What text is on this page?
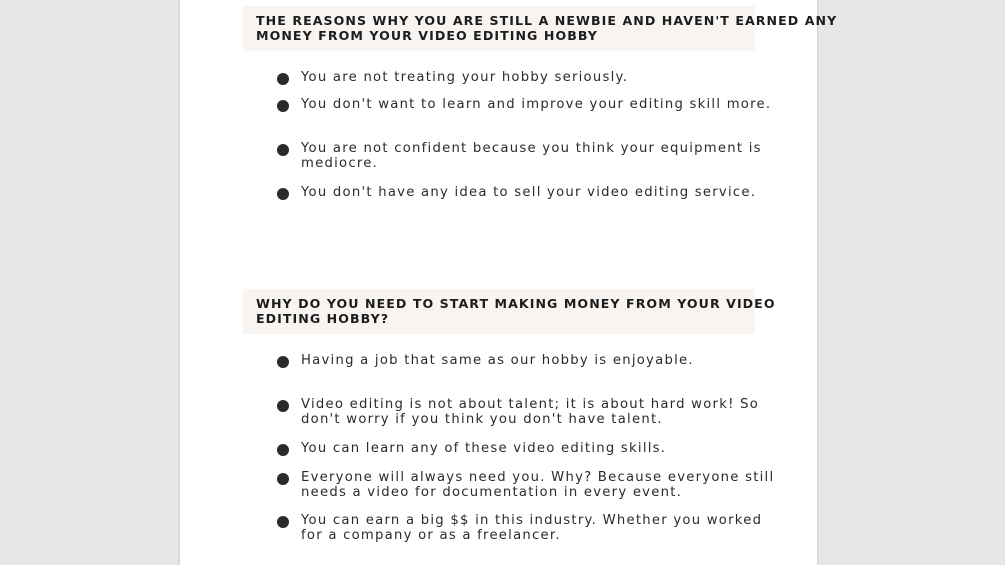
THE REASONS WHY YOU ARE STILL A NEWBIE AND HAVEN'T EARNED ANY
MONEY FROM YOUR VIDEO EDITING HOBBY
You are not treating your hobby seriously.
You don't want to learn and improve your editing skill more.
You are not confident because you think your equipment is
mediocre.
You don't have any idea to sell your video editing service.
WHY DO YOU NEED TO START MAKING MONEY FROM YOUR VIDEO
EDITING HOBBY?
Having a job that same as our hobby is enjoyable.
Video editing is not about talent; it is about hard work! So
don't worry if you think you don't have talent.
You can learn any of these video editing skills.
Everyone will always need you. Why? Because everyone still
needs a video for documentation in every event.
You can earn a big $$ in this industry. Whether you worked
for a company or as a freelancer.
